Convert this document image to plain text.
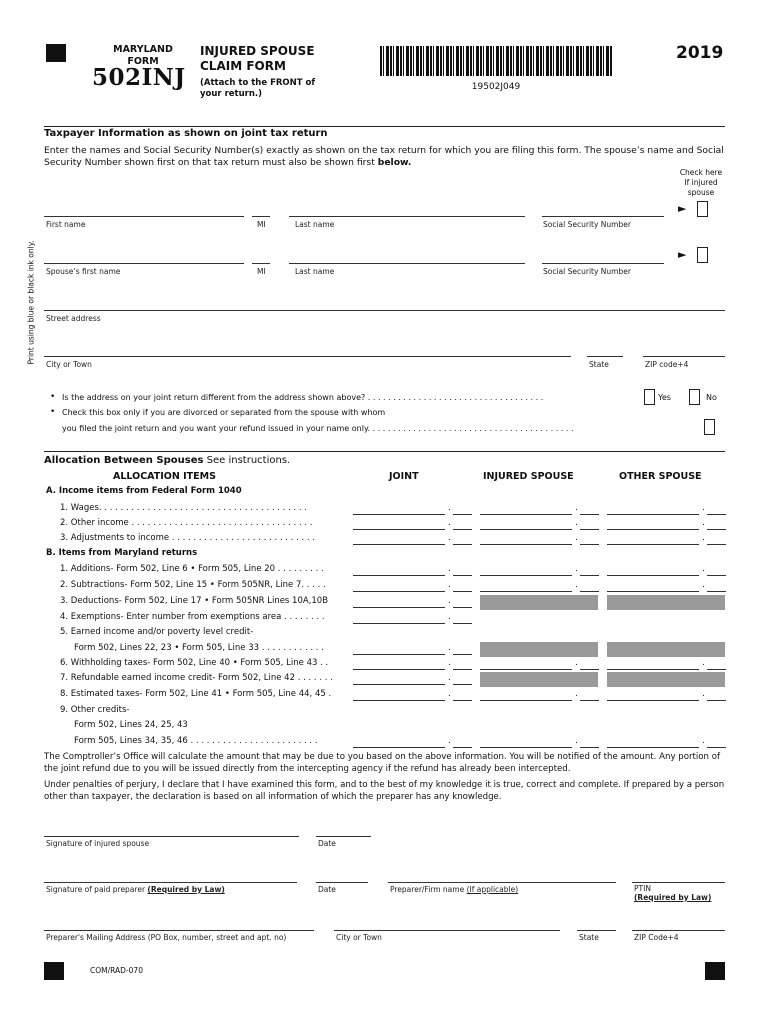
MARYLAND
FORM
502INJ
INJURED SPOUSE
CLAIM FORM
(Attach to the FRONT of
your return.)
19502J049
2019
Print using blue or black ink only.
Taxpayer Information as shown on joint tax return
Enter the names and Social Security Number(s) exactly as shown on the tax return for which you are filing this form. The spouse’s name and Social Security Number shown first on that tax return must also be shown first below.
Check here
If injured
spouse
First name	MI	Last name	Social Security Number
►
Spouse’s first name	MI	Last name	Social Security Number
►
Street address
City or Town	State	ZIP code+4
• Is the address on your joint return different from the address shown above? . . . . . . . . . . . . . . . . . . . . . . . . . . . . . . . . . . .	Yes	No
• Check this box only if you are divorced or separated from the spouse with whom
you filed the joint return and you want your refund issued in your name only. . . . . . . . . . . . . . . . . . . . . . . . . . . . . . . . . . . . . . . . .
Allocation Between Spouses See instructions.
ALLOCATION ITEMS	JOINT	INJURED SPOUSE	OTHER SPOUSE
A. Income items from Federal Form 1040
B. Items from Maryland returns
1. Wages. . . . . . . . . . . . . . . . . . . . . . . . . . . . . . . . . . . . . . .	.	.	.
2. Other income . . . . . . . . . . . . . . . . . . . . . . . . . . . . . . . . . .	.	.	.
3. Adjustments to income . . . . . . . . . . . . . . . . . . . . . . . . . . .	.	.	.
1. Additions- Form 502, Line 6 • Form 505, Line 20 . . . . . . . . .	.	.	.
2. Subtractions- Form 502, Line 15 • Form 505NR, Line 7. . . . .	.	.	.
3. Deductions- Form 502, Line 17 • Form 505NR Lines 10A,10B	.
4. Exemptions- Enter number from exemptions area . . . . . . . .	.
5. Earned income and/or poverty level credit-
Form 502, Lines 22, 23 • Form 505, Line 33 . . . . . . . . . . . .	.
6. Withholding taxes- Form 502, Line 40 • Form 505, Line 43 . .	.	.	.
7. Refundable earned income credit- Form 502, Line 42 . . . . . . .	.
8. Estimated taxes- Form 502, Line 41 • Form 505, Line 44, 45 .	.	.	.
9. Other credits-
Form 502, Lines 24, 25, 43
Form 505, Lines 34, 35, 46 . . . . . . . . . . . . . . . . . . . . . . . .	.	.	.
The Comptroller’s Office will calculate the amount that may be due to you based on the above information. You will be notified of the amount. Any portion of the joint refund due to you will be issued directly from the intercepting agency if the refund has already been intercepted.
Under penalties of perjury, I declare that I have examined this form, and to the best of my knowledge it is true, correct and complete. If prepared by a person other than taxpayer, the declaration is based on all information of which the preparer has any knowledge.
Signature of injured spouse	Date
Signature of paid preparer (Required by Law)	Date	Preparer/Firm name (If applicable)	PTIN
(Required by Law)
Preparer's Mailing Address (PO Box, number, street and apt. no)	City or Town	State	ZIP Code+4
COM/RAD-070
